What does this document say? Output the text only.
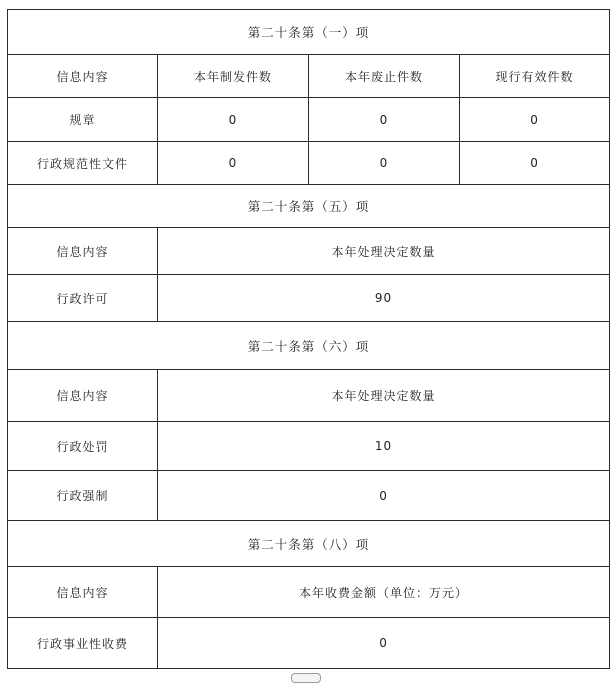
第二十条第（一）项			
信息内容	本年制发件数	本年废止件数	现行有效件数
规章	0	0	0
行政规范性文件	0	0	0
第二十条第（五）项			
信息内容	本年处理决定数量		
行政许可	90		
第二十条第（六）项			
信息内容	本年处理决定数量		
行政处罚	10		
行政强制	0		
第二十条第（八）项			
信息内容	本年收费金额（单位：万元）		
行政事业性收费	0		
